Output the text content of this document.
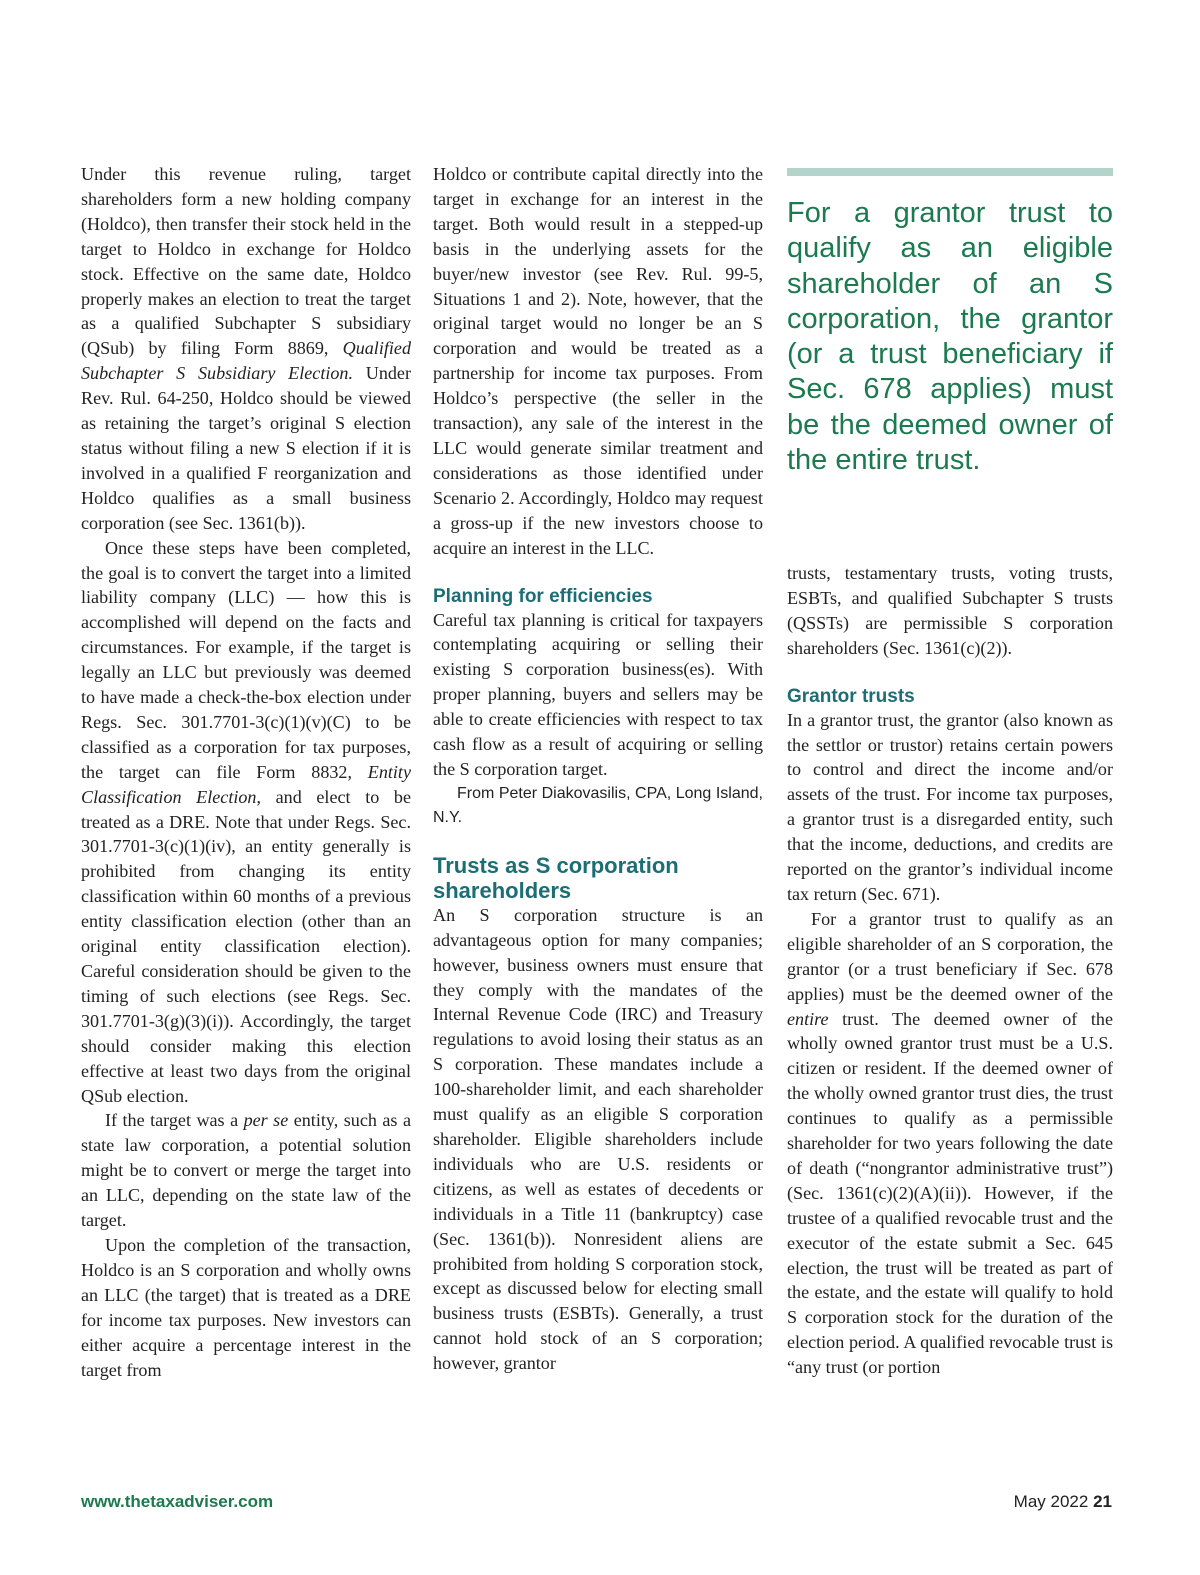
Under this revenue ruling, target shareholders form a new holding company (Holdco), then transfer their stock held in the target to Holdco in exchange for Holdco stock. Effective on the same date, Holdco properly makes an election to treat the target as a qualified Subchapter S subsidiary (QSub) by filing Form 8869, Qualified Subchapter S Subsidiary Election. Under Rev. Rul. 64-250, Holdco should be viewed as retaining the target’s original S election status without filing a new S election if it is involved in a qualified F reorganization and Holdco qualifies as a small business corporation (see Sec. 1361(b)).

Once these steps have been completed, the goal is to convert the target into a limited liability company (LLC) — how this is accomplished will depend on the facts and circumstances. For example, if the target is legally an LLC but previously was deemed to have made a check-the-box election under Regs. Sec. 301.7701-3(c)(1)(v)(C) to be classified as a corporation for tax purposes, the target can file Form 8832, Entity Classification Election, and elect to be treated as a DRE. Note that under Regs. Sec. 301.7701-3(c)(1)(iv), an entity generally is prohibited from changing its entity classification within 60 months of a previous entity classification election (other than an original entity classification election). Careful consideration should be given to the timing of such elections (see Regs. Sec. 301.7701-3(g)(3)(i)). Accordingly, the target should consider making this election effective at least two days from the original QSub election.

If the target was a per se entity, such as a state law corporation, a potential solution might be to convert or merge the target into an LLC, depending on the state law of the target.

Upon the completion of the transaction, Holdco is an S corporation and wholly owns an LLC (the target) that is treated as a DRE for income tax purposes. New investors can either acquire a percentage interest in the target from

Holdco or contribute capital directly into the target in exchange for an interest in the target. Both would result in a stepped-up basis in the underlying assets for the buyer/new investor (see Rev. Rul. 99-5, Situations 1 and 2). Note, however, that the original target would no longer be an S corporation and would be treated as a partnership for income tax purposes. From Holdco’s perspective (the seller in the transaction), any sale of the interest in the LLC would generate similar treatment and considerations as those identified under Scenario 2. Accordingly, Holdco may request a gross-up if the new investors choose to acquire an interest in the LLC.

Planning for efficiencies

Careful tax planning is critical for taxpayers contemplating acquiring or selling their existing S corporation business(es). With proper planning, buyers and sellers may be able to create efficiencies with respect to tax cash flow as a result of acquiring or selling the S corporation target.

From Peter Diakovasilis, CPA, Long Island, N.Y.

Trusts as S corporation shareholders

An S corporation structure is an advantageous option for many companies; however, business owners must ensure that they comply with the mandates of the Internal Revenue Code (IRC) and Treasury regulations to avoid losing their status as an S corporation. These mandates include a 100-shareholder limit, and each shareholder must qualify as an eligible S corporation shareholder. Eligible shareholders include individuals who are U.S. residents or citizens, as well as estates of decedents or individuals in a Title 11 (bankruptcy) case (Sec. 1361(b)). Nonresident aliens are prohibited from holding S corporation stock, except as discussed below for electing small business trusts (ESBTs). Generally, a trust cannot hold stock of an S corporation; however, grantor

For a grantor trust to qualify as an eligible shareholder of an S corporation, the grantor (or a trust beneficiary if Sec. 678 applies) must be the deemed owner of the entire trust.

trusts, testamentary trusts, voting trusts, ESBTs, and qualified Subchapter S trusts (QSSTs) are permissible S corporation shareholders (Sec. 1361(c)(2)).

Grantor trusts

In a grantor trust, the grantor (also known as the settlor or trustor) retains certain powers to control and direct the income and/or assets of the trust. For income tax purposes, a grantor trust is a disregarded entity, such that the income, deductions, and credits are reported on the grantor’s individual income tax return (Sec. 671).

For a grantor trust to qualify as an eligible shareholder of an S corporation, the grantor (or a trust beneficiary if Sec. 678 applies) must be the deemed owner of the entire trust. The deemed owner of the wholly owned grantor trust must be a U.S. citizen or resident. If the deemed owner of the wholly owned grantor trust dies, the trust continues to qualify as a permissible shareholder for two years following the date of death (“nongrantor administrative trust”) (Sec. 1361(c)(2)(A)(ii)). However, if the trustee of a qualified revocable trust and the executor of the estate submit a Sec. 645 election, the trust will be treated as part of the estate, and the estate will qualify to hold S corporation stock for the duration of the election period. A qualified revocable trust is “any trust (or portion

www.thetaxadviser.com	May 2022 21
